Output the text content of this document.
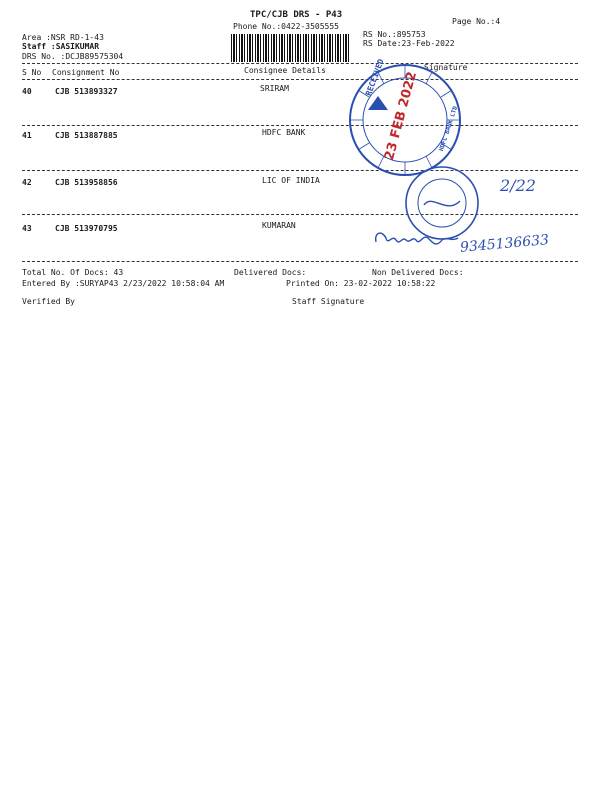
TPC/CJB DRS - P43
Phone No.:0422-3505555
Page No.:4
Area :NSR RD-1-43
Staff :SASIKUMAR
DRS No. :DCJB89575304
RS No.:895753
RS Date:23-Feb-2022
S No Consignment No	Consignee Details	Signature
40	CJB 513893327	SRIRAM
41	CJB 513887885	HDFC BANK
42	CJB 513958856	LIC OF INDIA
43	CJB 513970795	KUMARAN
Total No. Of Docs: 43	Delivered Docs:	Non Delivered Docs:
Entered By :SURYAP43 2/23/2022 10:58:04 AM	Printed On: 23-02-2022 10:58:22
Verified By	Staff Signature
RECEIVED
23 FEB 2022	HDFC BANK LTD.
2/22
9345136633
